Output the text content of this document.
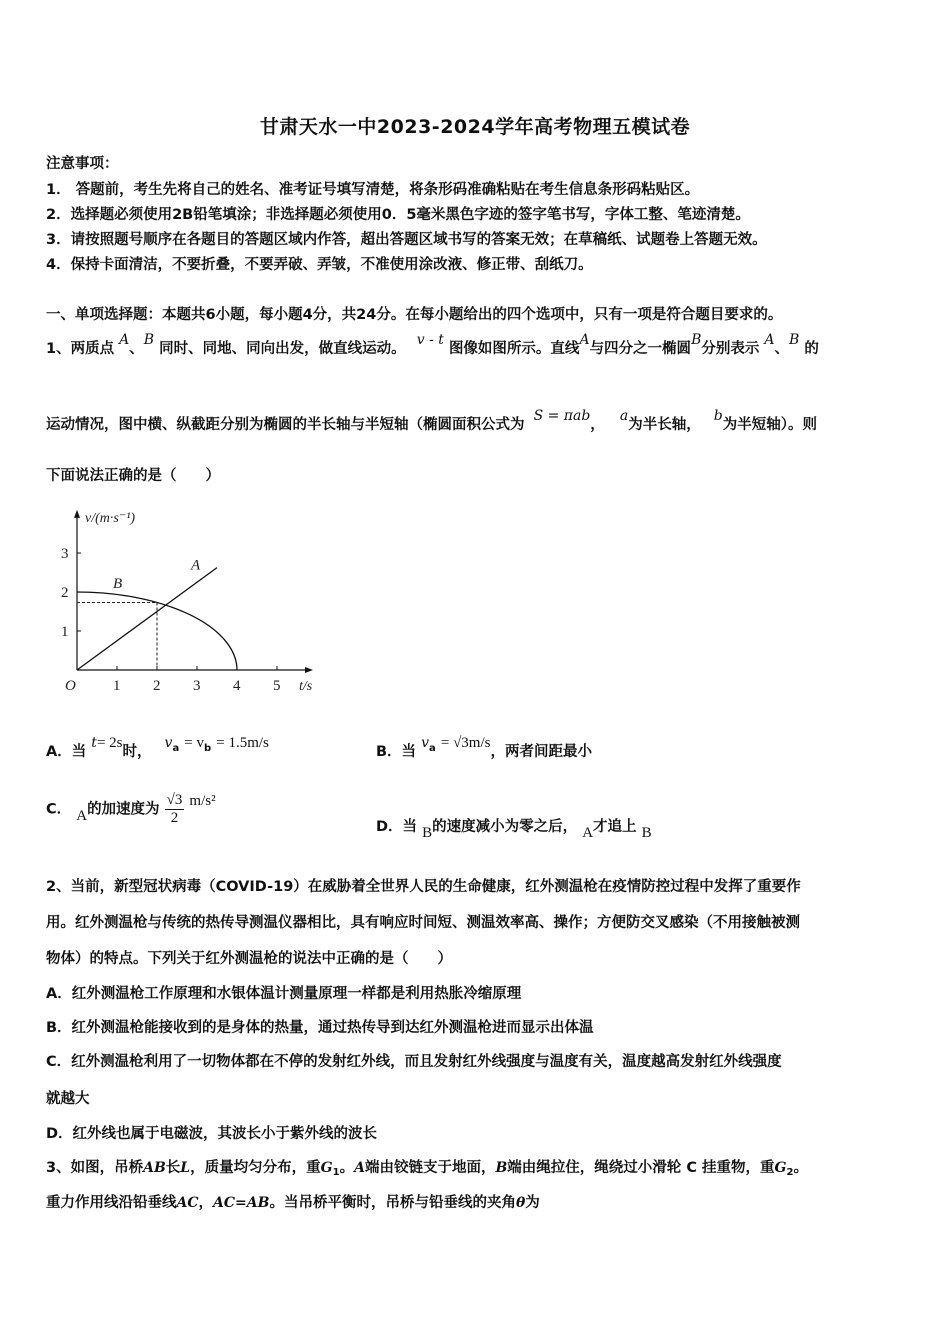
甘肃天水一中2023-2024学年高考物理五模试卷
注意事项：
1． 答题前，考生先将自己的姓名、准考证号填写清楚，将条形码准确粘贴在考生信息条形码粘贴区。
2．选择题必须使用2B铅笔填涂；非选择题必须使用0．5毫米黑色字迹的签字笔书写，字体工整、笔迹清楚。
3．请按照题号顺序在各题目的答题区域内作答，超出答题区域书写的答案无效；在草稿纸、试题卷上答题无效。
4．保持卡面清洁，不要折叠，不要弄破、弄皱，不准使用涂改液、修正带、刮纸刀。
一、单项选择题：本题共6小题，每小题4分，共24分。在每小题给出的四个选项中，只有一项是符合题目要求的。
1、两质点 A、B 同时、同地、同向出发，做直线运动。 v - t 图像如图所示。直线A与四分之一椭圆B分别表示 A、B 的
运动情况，图中横、纵截距分别为椭圆的半长轴与半短轴（椭圆面积公式为 S = πab， a为半长轴， b为半短轴）。则
下面说法正确的是（　　）
v/(m·s⁻¹)
t/s
O 1 2 3 4 5
1
2
3
A
B
A．当 t= 2s时， $v^a = v^b = 1.5m/s$
B．当 $v^a = √3m/s$，两者间距最小
C． A的加速度为 $\frac{√3}{2} m/s^2$
D．当 B的速度减小为零之后， A才追上 B
2、当前，新型冠状病毒（COVID-19）在威胁着全世界人民的生命健康，红外测温枪在疫情防控过程中发挥了重要作
用。红外测温枪与传统的热传导测温仪器相比，具有响应时间短、测温效率高、操作；方便防交叉感染（不用接触被测
物体）的特点。下列关于红外测温枪的说法中正确的是（　　）
A．红外测温枪工作原理和水银体温计测量原理一样都是利用热胀冷缩原理
B．红外测温枪能接收到的是身体的热量，通过热传导到达红外测温枪进而显示出体温
C．红外测温枪利用了一切物体都在不停的发射红外线，而且发射红外线强度与温度有关，温度越高发射红外线强度
就越大
D．红外线也属于电磁波，其波长小于紫外线的波长
3、如图，吊桥AB长L，质量均匀分布，重$G_1$。A端由铰链支于地面，B端由绳拉住，绳绕过小滑轮 C 挂重物，重$G_2$。
重力作用线沿铅垂线AC，AC=AB。当吊桥平衡时，吊桥与铅垂线的夹角θ为
